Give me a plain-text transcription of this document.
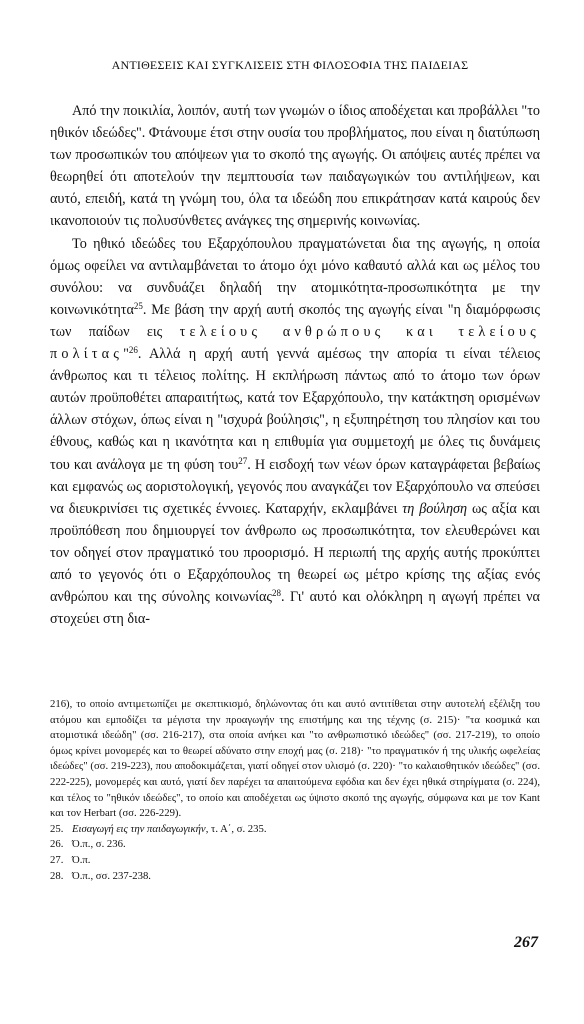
ΑΝΤΙΘΕΣΕΙΣ ΚΑΙ ΣΥΓΚΛΙΣΕΙΣ ΣΤΗ ΦΙΛΟΣΟΦΙΑ ΤΗΣ ΠΑΙΔΕΙΑΣ

Από την ποικιλία, λοιπόν, αυτή των γνωμών ο ίδιος αποδέχεται και προβάλλει "το ηθικόν ιδεώδες". Φτάνουμε έτσι στην ουσία του προβλήματος, που είναι η διατύπωση των προσωπικών του απόψεων για το σκοπό της αγωγής. Οι απόψεις αυτές πρέπει να θεωρηθεί ότι αποτελούν την πεμπτουσία των παιδαγωγικών του αντιλήψεων, και αυτό, επειδή, κατά τη γνώμη του, όλα τα ιδεώδη που επικράτησαν κατά καιρούς δεν ικανοποιούν τις πολυσύνθετες ανάγκες της σημερινής κοινωνίας.

Το ηθικό ιδεώδες του Εξαρχόπουλου πραγματώνεται δια της αγωγής, η οποία όμως οφείλει να αντιλαμβάνεται το άτομο όχι μόνο καθαυτό αλλά και ως μέλος του συνόλου: να συνδυάζει δηλαδή την ατομικότητα-προσωπικότητα με την κοινωνικότητα$^{25}$. Με βάση την αρχή αυτή σκοπός της αγωγής είναι "η διαμόρφωσις των παίδων εις τελείους ανθρώπους και τελείους πολίτας"$^{26}$. Αλλά η αρχή αυτή γεννά αμέσως την απορία τι είναι τέλειος άνθρωπος και τι τέλειος πολίτης. Η εκπλήρωση πάντως από το άτομο των όρων αυτών προϋποθέτει απαραιτήτως, κατά τον Εξαρχόπουλο, την κατάκτηση ορισμένων άλλων στόχων, όπως είναι η "ισχυρά βούλησις", η εξυπηρέτηση του πλησίον και του έθνους, καθώς και η ικανότητα και η επιθυμία για συμμετοχή με όλες τις δυνάμεις του και ανάλογα με τη φύση του$^{27}$. Η εισδοχή των νέων όρων καταγράφεται βεβαίως και εμφανώς ως αοριστολογική, γεγονός που αναγκάζει τον Εξαρχόπουλο να σπεύσει να διευκρινίσει τις σχετικές έννοιες. Καταρχήν, εκλαμβάνει τη βούληση ως αξία και προϋπόθεση που δημιουργεί τον άνθρωπο ως προσωπικότητα, τον ελευθερώνει και τον οδηγεί στον πραγματικό του προορισμό. Η περιωπή της αρχής αυτής προκύπτει από το γεγονός ότι ο Εξαρχόπουλος τη θεωρεί ως μέτρο κρίσης της αξίας ενός ανθρώπου και της σύνολης κοινωνίας$^{28}$. Γι' αυτό και ολόκληρη η αγωγή πρέπει να στοχεύει στη δια-

216), το οποίο αντιμετωπίζει με σκεπτικισμό, δηλώνοντας ότι και αυτό αντιτίθεται στην αυτοτελή εξέλιξη του ατόμου και εμποδίζει τα μέγιστα την προαγωγήν της επιστήμης και της τέχνης (σ. 215)· "τα κοσμικά και ατομιστικά ιδεώδη" (σσ. 216-217), στα οποία ανήκει και "το ανθρωπιστικό ιδεώδες" (σσ. 217-219), το οποίο όμως κρίνει μονομερές και το θεωρεί αδύνατο στην εποχή μας (σ. 218)· "το πραγματικόν ή της υλικής ωφελείας ιδεώδες" (σσ. 219-223), που αποδοκιμάζεται, γιατί οδηγεί στον υλισμό (σ. 220)· "το καλαισθητικόν ιδεώδες" (σσ. 222-225), μονομερές και αυτό, γιατί δεν παρέχει τα απαιτούμενα εφόδια και δεν έχει ηθικά στηρίγματα (σ. 224), και τέλος το "ηθικόν ιδεώδες", το οποίο και αποδέχεται ως ύψιστο σκοπό της αγωγής, σύμφωνα και με τον Kant και τον Herbart (σσ. 226-229).

25. Εισαγωγή εις την παιδαγωγικήν, τ. Α΄, σ. 235.

26. Ό.π., σ. 236.

27. Ό.π.

28. Ό.π., σσ. 237-238.

267
